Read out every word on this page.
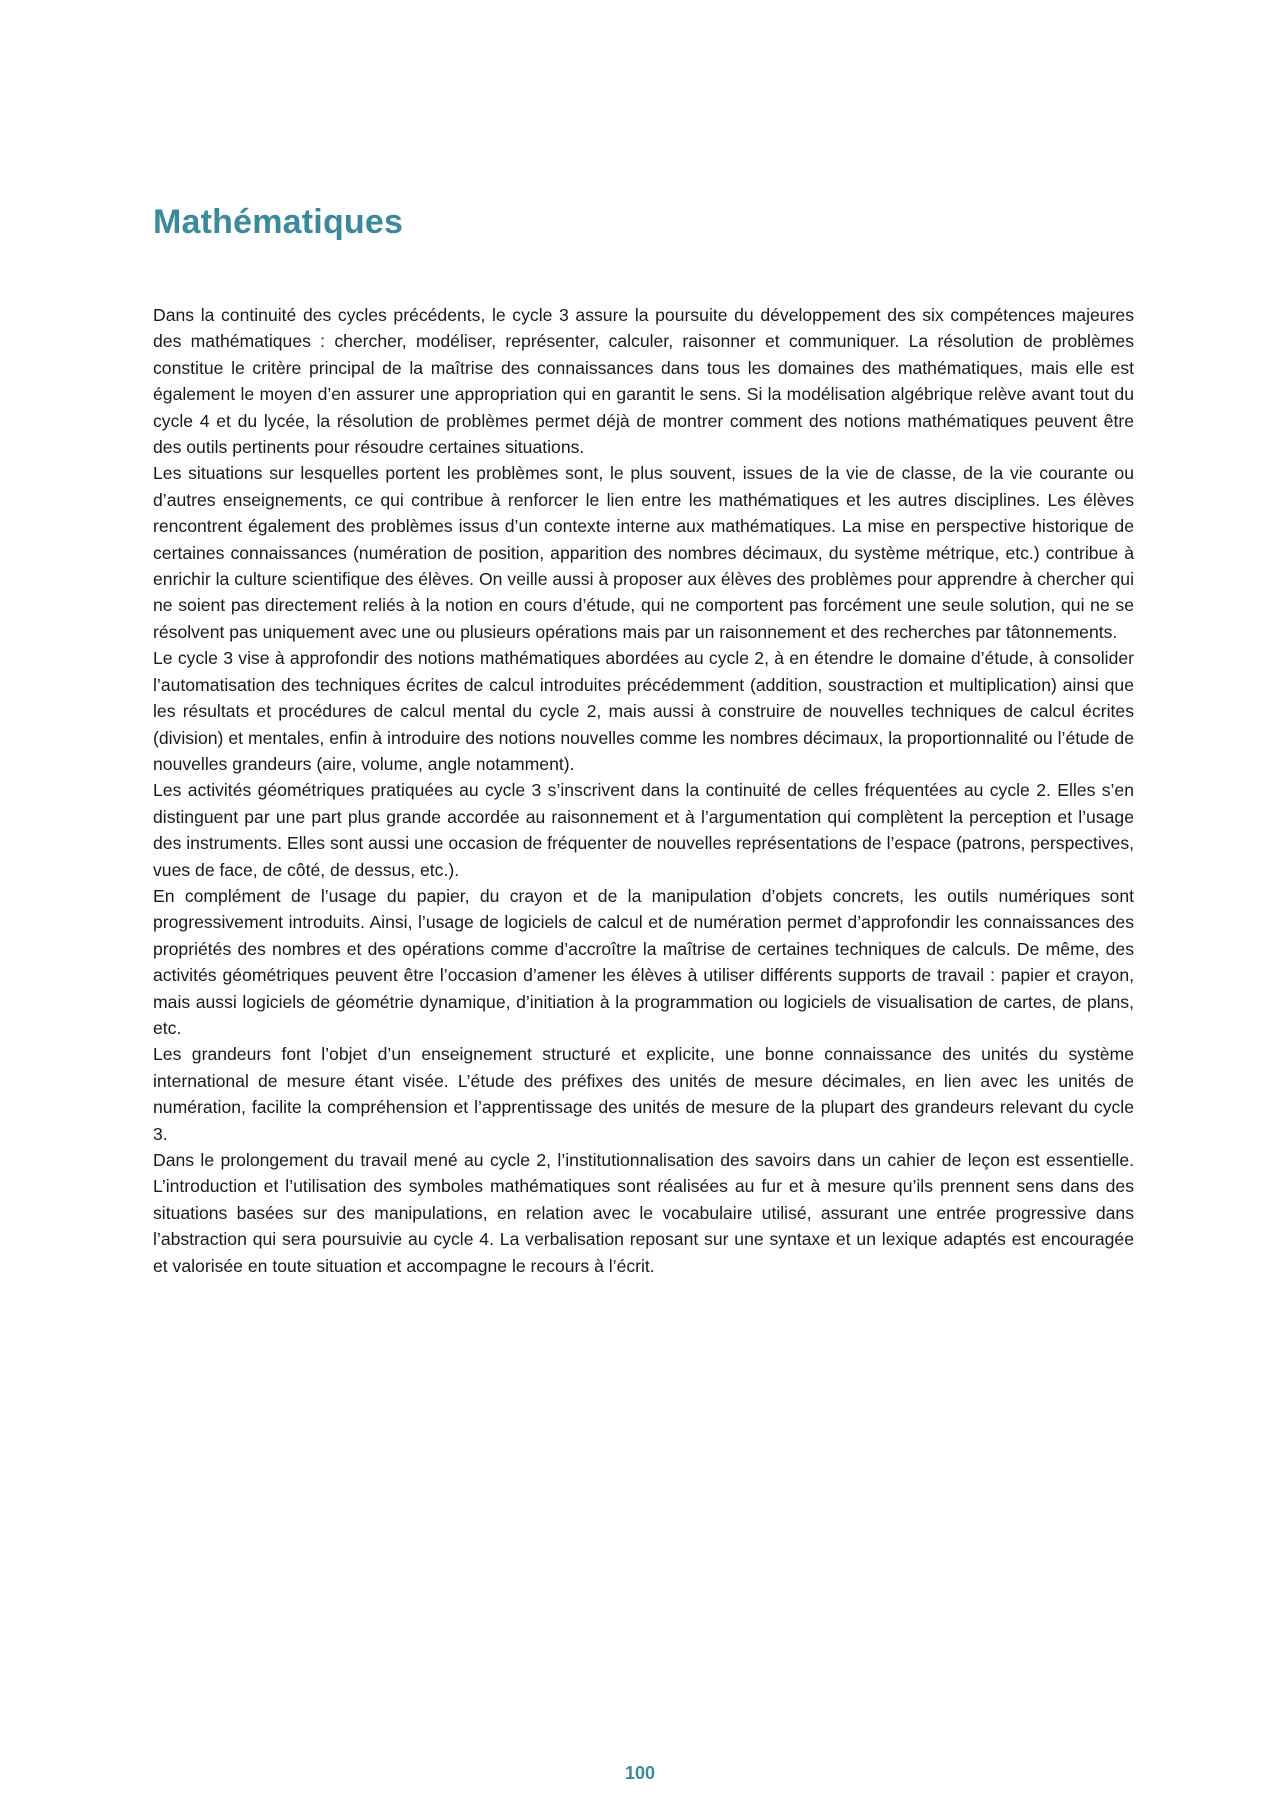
Mathématiques

Dans la continuité des cycles précédents, le cycle 3 assure la poursuite du développement des six compétences majeures des mathématiques : chercher, modéliser, représenter, calculer, raisonner et communiquer. La résolution de problèmes constitue le critère principal de la maîtrise des connaissances dans tous les domaines des mathématiques, mais elle est également le moyen d’en assurer une appropriation qui en garantit le sens. Si la modélisation algébrique relève avant tout du cycle 4 et du lycée, la résolution de problèmes permet déjà de montrer comment des notions mathématiques peuvent être des outils pertinents pour résoudre certaines situations.

Les situations sur lesquelles portent les problèmes sont, le plus souvent, issues de la vie de classe, de la vie courante ou d’autres enseignements, ce qui contribue à renforcer le lien entre les mathématiques et les autres disciplines. Les élèves rencontrent également des problèmes issus d’un contexte interne aux mathématiques. La mise en perspective historique de certaines connaissances (numération de position, apparition des nombres décimaux, du système métrique, etc.) contribue à enrichir la culture scientifique des élèves. On veille aussi à proposer aux élèves des problèmes pour apprendre à chercher qui ne soient pas directement reliés à la notion en cours d’étude, qui ne comportent pas forcément une seule solution, qui ne se résolvent pas uniquement avec une ou plusieurs opérations mais par un raisonnement et des recherches par tâtonnements.

Le cycle 3 vise à approfondir des notions mathématiques abordées au cycle 2, à en étendre le domaine d’étude, à consolider l’automatisation des techniques écrites de calcul introduites précédemment (addition, soustraction et multiplication) ainsi que les résultats et procédures de calcul mental du cycle 2, mais aussi à construire de nouvelles techniques de calcul écrites (division) et mentales, enfin à introduire des notions nouvelles comme les nombres décimaux, la proportionnalité ou l’étude de nouvelles grandeurs (aire, volume, angle notamment).

Les activités géométriques pratiquées au cycle 3 s’inscrivent dans la continuité de celles fréquentées au cycle 2. Elles s’en distinguent par une part plus grande accordée au raisonnement et à l’argumentation qui complètent la perception et l’usage des instruments. Elles sont aussi une occasion de fréquenter de nouvelles représentations de l’espace (patrons, perspectives, vues de face, de côté, de dessus, etc.).

En complément de l’usage du papier, du crayon et de la manipulation d’objets concrets, les outils numériques sont progressivement introduits. Ainsi, l’usage de logiciels de calcul et de numération permet d’approfondir les connaissances des propriétés des nombres et des opérations comme d’accroître la maîtrise de certaines techniques de calculs. De même, des activités géométriques peuvent être l’occasion d’amener les élèves à utiliser différents supports de travail : papier et crayon, mais aussi logiciels de géométrie dynamique, d’initiation à la programmation ou logiciels de visualisation de cartes, de plans, etc.

Les grandeurs font l’objet d’un enseignement structuré et explicite, une bonne connaissance des unités du système international de mesure étant visée. L’étude des préfixes des unités de mesure décimales, en lien avec les unités de numération, facilite la compréhension et l’apprentissage des unités de mesure de la plupart des grandeurs relevant du cycle 3.

Dans le prolongement du travail mené au cycle 2, l’institutionnalisation des savoirs dans un cahier de leçon est essentielle. L’introduction et l’utilisation des symboles mathématiques sont réalisées au fur et à mesure qu’ils prennent sens dans des situations basées sur des manipulations, en relation avec le vocabulaire utilisé, assurant une entrée progressive dans l’abstraction qui sera poursuivie au cycle 4. La verbalisation reposant sur une syntaxe et un lexique adaptés est encouragée et valorisée en toute situation et accompagne le recours à l’écrit.

100
